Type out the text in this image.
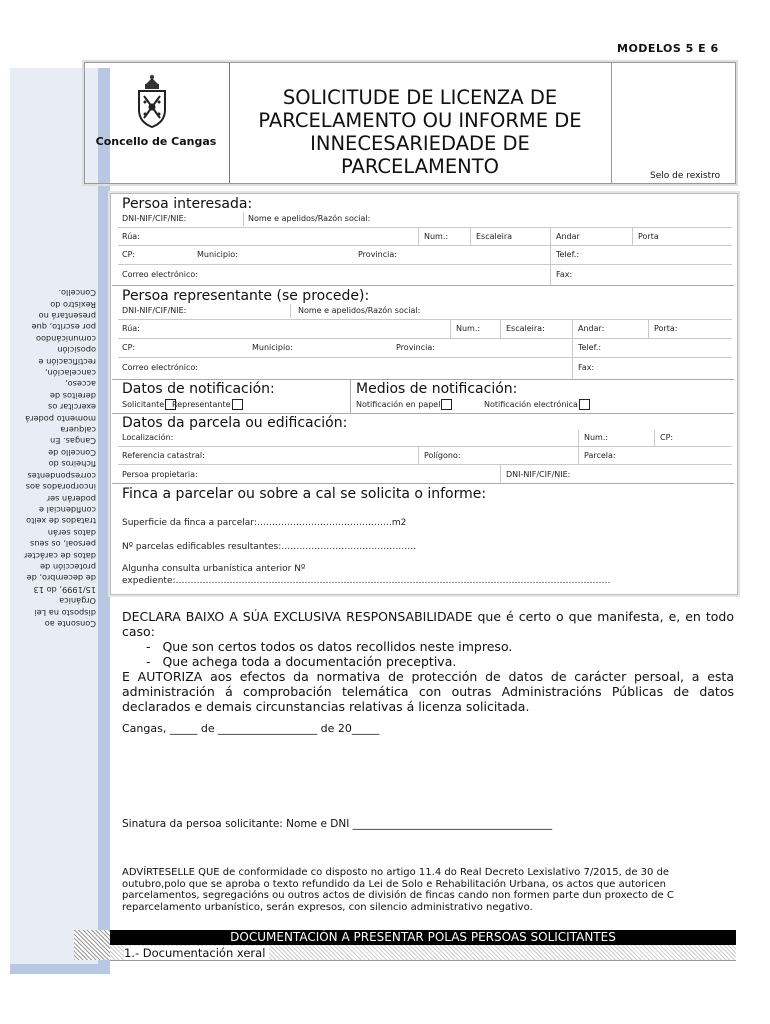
Consonte ao
disposto na Lei
Orgánica
15/1999, do 13
de decembro, de
protección de
datos de carácter
persoal, os seus
datos serán
tratados de xeito
confidencial e
poderán ser
incorporados aos
correspondentes
ficheiros do
Concello de
Cangas. En
calquera
momento poderá
exercitar os
dereitos de
acceso,
cancelación,
rectificación e
oposición
comunicándoo
por escrito, que
presentará no
Rexistro do
Concello.
MODELOS 5 E 6
Concello de Cangas
SOLICITUDE DE LICENZA DE
PARCELAMENTO OU INFORME DE
INNECESARIEDADE DE
PARCELAMENTO	Selo de rexistro
Persoa interesada:
DNI-NIF/CIF/NIE:	Nome e apelidos/Razón social:
Rúa:	Num.:	Escaleira	Andar	Porta
CP:	Municipio:	Provincia:	Telef.:
Correo electrónico:	Fax:
Persoa representante (se procede):
DNI-NIF/CIF/NIE:	Nome e apelidos/Razón social:
Rúa:	Num.:	Escaleira:	Andar:	Porta:
CP:	Municipio:	Provincia:	Telef.:
Correo electrónico:	Fax:
Datos de notificación:	Medios de notificación:
Solicitante Representante	Notificación en papel	Notificación electrónica
Datos da parcela ou edificación:
Localización:	Num.:	CP:
Referencia catastral:	Polígono:	Parcela:
Persoa propietaria:	DNI-NIF/CIF/NIE:
Finca a parcelar ou sobre a cal se solicita o informe:
Superficie da finca a parcelar:………………………………………m2
Nº parcelas edificables resultantes:………………………………………
Algunha consulta urbanística anterior Nº
expediente:……………………………………………………………………………………………………………………………….
DECLARA BAIXO A SÚA EXCLUSIVA RESPONSABILIDADE que é certo o que manifesta, e, en todo caso:
-   Que son certos todos os datos recollidos neste impreso.
-   Que achega toda a documentación preceptiva.
E AUTORIZA aos efectos da normativa de protección de datos de carácter persoal, a esta administración á comprobación telemática con outras Administracións Públicas de datos declarados e demais circunstancias relativas á licenza solicitada.
Cangas, _____ de __________________ de 20_____
Sinatura da persoa solicitante: Nome e DNI ______________________________________
ADVÍRTESELLE QUE de conformidade co disposto no artigo 11.4 do Real Decreto Lexislativo 7/2015, de 30 de outubro,polo que se aproba o texto refundido da Lei de Solo e Rehabilitación Urbana, os actos que autoricen parcelamentos, segregacións ou outros actos de división de fincas cando non formen parte dun proxecto de C reparcelamento urbanístico, serán expresos, con silencio administrativo negativo.
DOCUMENTACIÓN A PRESENTAR POLAS PERSOAS SOLICITANTES
1.- Documentación xeral
